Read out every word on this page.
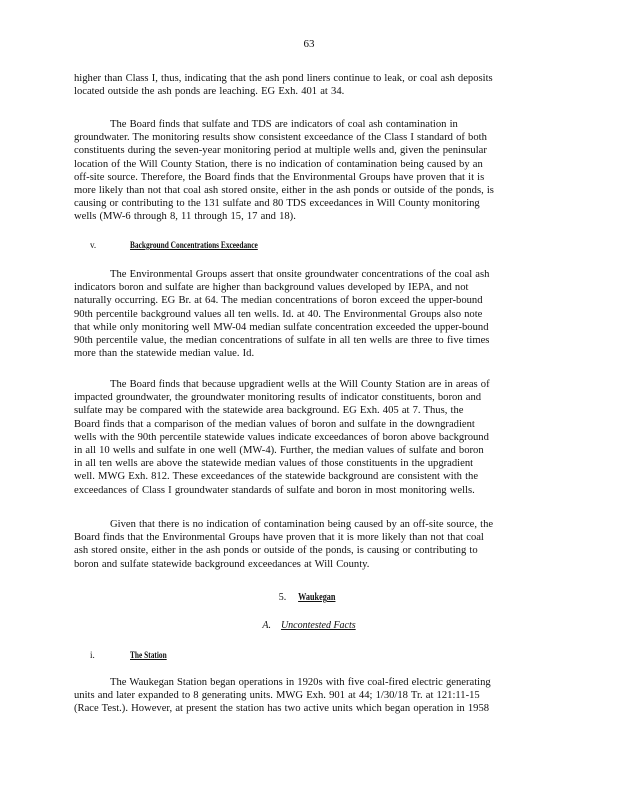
63
higher than Class I, thus, indicating that the ash pond liners continue to leak, or coal ash deposits
located outside the ash ponds are leaching. EG Exh. 401 at 34.
The Board finds that sulfate and TDS are indicators of coal ash contamination in
groundwater. The monitoring results show consistent exceedance of the Class I standard of both
constituents during the seven-year monitoring period at multiple wells and, given the peninsular
location of the Will County Station, there is no indication of contamination being caused by an
off-site source. Therefore, the Board finds that the Environmental Groups have proven that it is
more likely than not that coal ash stored onsite, either in the ash ponds or outside of the ponds, is
causing or contributing to the 131 sulfate and 80 TDS exceedances in Will County monitoring
wells (MW-6 through 8, 11 through 15, 17 and 18).
v.	Background Concentrations Exceedance
The Environmental Groups assert that onsite groundwater concentrations of the coal ash
indicators boron and sulfate are higher than background values developed by IEPA, and not
naturally occurring. EG Br. at 64. The median concentrations of boron exceed the upper-bound
90th percentile background values all ten wells. Id. at 40. The Environmental Groups also note
that while only monitoring well MW-04 median sulfate concentration exceeded the upper-bound
90th percentile value, the median concentrations of sulfate in all ten wells are three to five times
more than the statewide median value. Id.
The Board finds that because upgradient wells at the Will County Station are in areas of
impacted groundwater, the groundwater monitoring results of indicator constituents, boron and
sulfate may be compared with the statewide area background. EG Exh. 405 at 7. Thus, the
Board finds that a comparison of the median values of boron and sulfate in the downgradient
wells with the 90th percentile statewide values indicate exceedances of boron above background
in all 10 wells and sulfate in one well (MW-4). Further, the median values of sulfate and boron
in all ten wells are above the statewide median values of those constituents in the upgradient
well. MWG Exh. 812. These exceedances of the statewide background are consistent with the
exceedances of Class I groundwater standards of sulfate and boron in most monitoring wells.
Given that there is no indication of contamination being caused by an off-site source, the
Board finds that the Environmental Groups have proven that it is more likely than not that coal
ash stored onsite, either in the ash ponds or outside of the ponds, is causing or contributing to
boron and sulfate statewide background exceedances at Will County.
5. Waukegan
A. Uncontested Facts
i.	The Station
The Waukegan Station began operations in 1920s with five coal-fired electric generating
units and later expanded to 8 generating units. MWG Exh. 901 at 44; 1/30/18 Tr. at 121:11-15
(Race Test.). However, at present the station has two active units which began operation in 1958
